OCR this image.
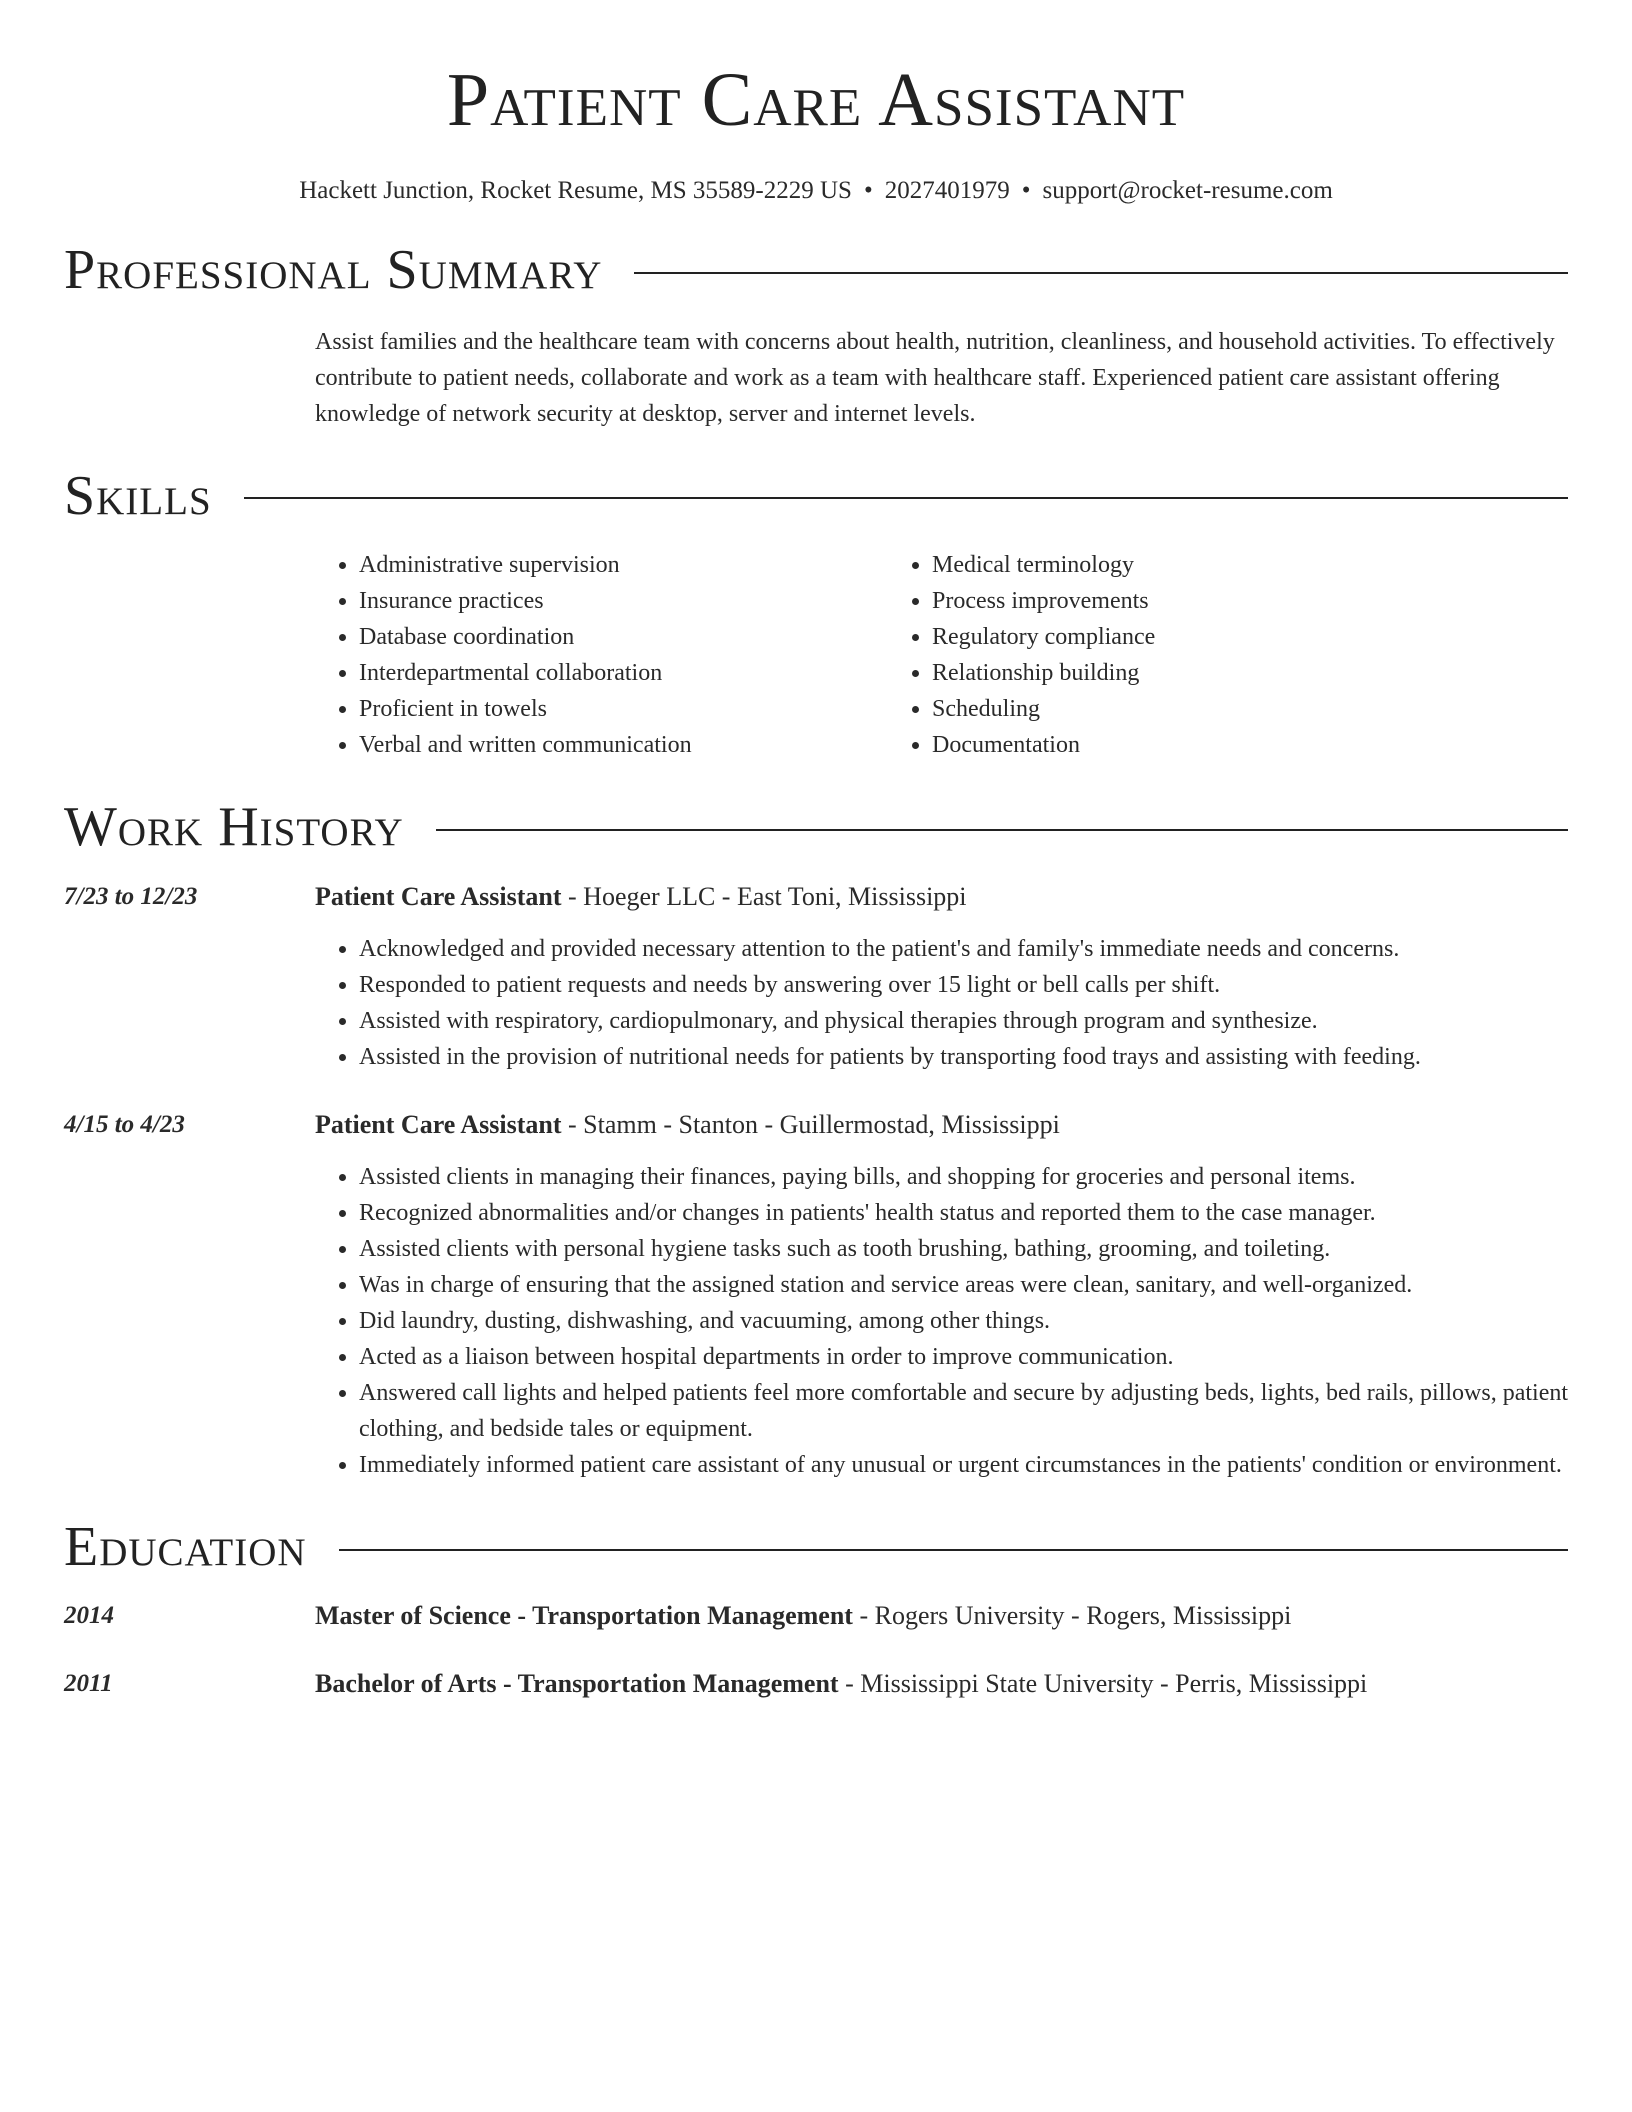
Patient Care Assistant
Hackett Junction, Rocket Resume, MS 35589-2229 US • 2027401979 • support@rocket-resume.com
Professional Summary

Assist families and the healthcare team with concerns about health, nutrition, cleanliness, and household activities. To effectively contribute to patient needs, collaborate and work as a team with healthcare staff. Experienced patient care assistant offering knowledge of network security at desktop, server and internet levels.

Skills
• Administrative supervision
• Insurance practices
• Database coordination
• Interdepartmental collaboration
• Proficient in towels
• Verbal and written communication
• Medical terminology
• Process improvements
• Regulatory compliance
• Relationship building
• Scheduling
• Documentation
Work History
7/23 to 12/23	Patient Care Assistant - Hoeger LLC - East Toni, Mississippi
• Acknowledged and provided necessary attention to the patient's and family's immediate needs and concerns.
• Responded to patient requests and needs by answering over 15 light or bell calls per shift.
• Assisted with respiratory, cardiopulmonary, and physical therapies through program and synthesize.
• Assisted in the provision of nutritional needs for patients by transporting food trays and assisting with feeding.
4/15 to 4/23	Patient Care Assistant - Stamm - Stanton - Guillermostad, Mississippi
• Assisted clients in managing their finances, paying bills, and shopping for groceries and personal items.
• Recognized abnormalities and/or changes in patients' health status and reported them to the case manager.
• Assisted clients with personal hygiene tasks such as tooth brushing, bathing, grooming, and toileting.
• Was in charge of ensuring that the assigned station and service areas were clean, sanitary, and well-organized.
• Did laundry, dusting, dishwashing, and vacuuming, among other things.
• Acted as a liaison between hospital departments in order to improve communication.
• Answered call lights and helped patients feel more comfortable and secure by adjusting beds, lights, bed rails, pillows, patient clothing, and bedside tales or equipment.
• Immediately informed patient care assistant of any unusual or urgent circumstances in the patients' condition or environment.
Education
2014	Master of Science - Transportation Management - Rogers University - Rogers, Mississippi
2011	Bachelor of Arts - Transportation Management - Mississippi State University - Perris, Mississippi
